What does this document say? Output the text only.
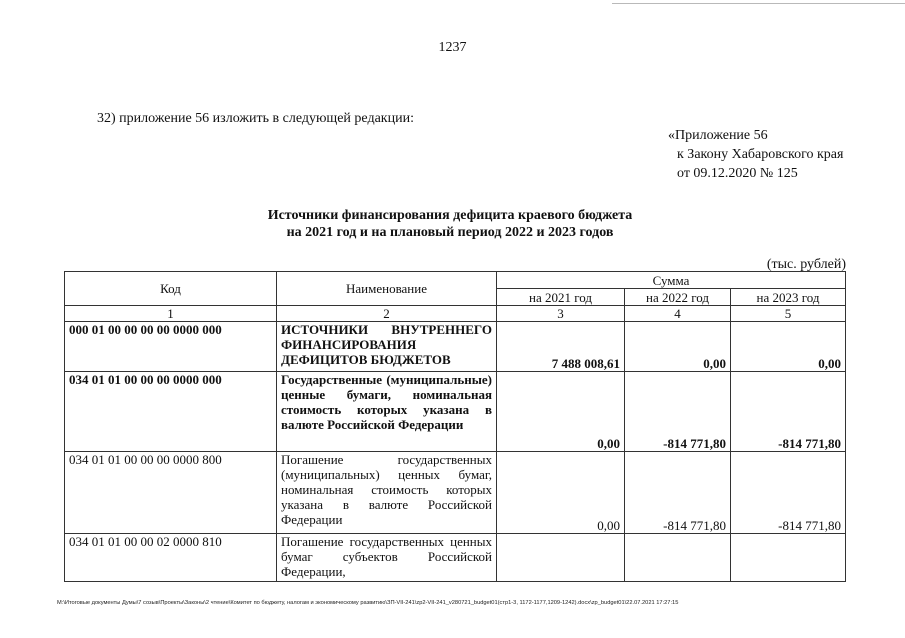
1237
32) приложение 56 изложить в следующей редакции:
«Приложение 56
к Закону Хабаровского края
от 09.12.2020 № 125
Источники финансирования дефицита краевого бюджета
на 2021 год и на плановый период 2022 и 2023 годов
(тыс. рублей)
Код	Наименование	Сумма		
		на 2021 год	на 2022 год	на 2023 год
1	2	3	4	5
000 01 00 00 00 00 0000 000	ИСТОЧНИКИ ВНУТРЕННЕГО ФИНАНСИРОВАНИЯ ДЕФИЦИТОВ БЮДЖЕТОВ	7 488 008,61	0,00	0,00
034 01 01 00 00 00 0000 000	Государственные (муниципальные) ценные бумаги, номинальная стоимость которых указана в валюте Российской Федерации	0,00	-814 771,80	-814 771,80
034 01 01 00 00 00 0000 800	Погашение государственных (муниципальных) ценных бумаг, номинальная стоимость которых указана в валюте Российской Федерации	0,00	-814 771,80	-814 771,80
034 01 01 00 00 02 0000 810	Погашение государственных ценных бумаг субъектов Российской Федерации,			
M:\Итоговые документы Думы\7 созыв\Проекты\Законы\2 чтение\Комитет по бюджету, налогам и экономическому развитию\ЗП-VII-241\zp2-VII-241_v280721_budget01(стр1-3, 1172-1177,1209-1242).docx\zp_budget01\22.07.2021 17:27:15
